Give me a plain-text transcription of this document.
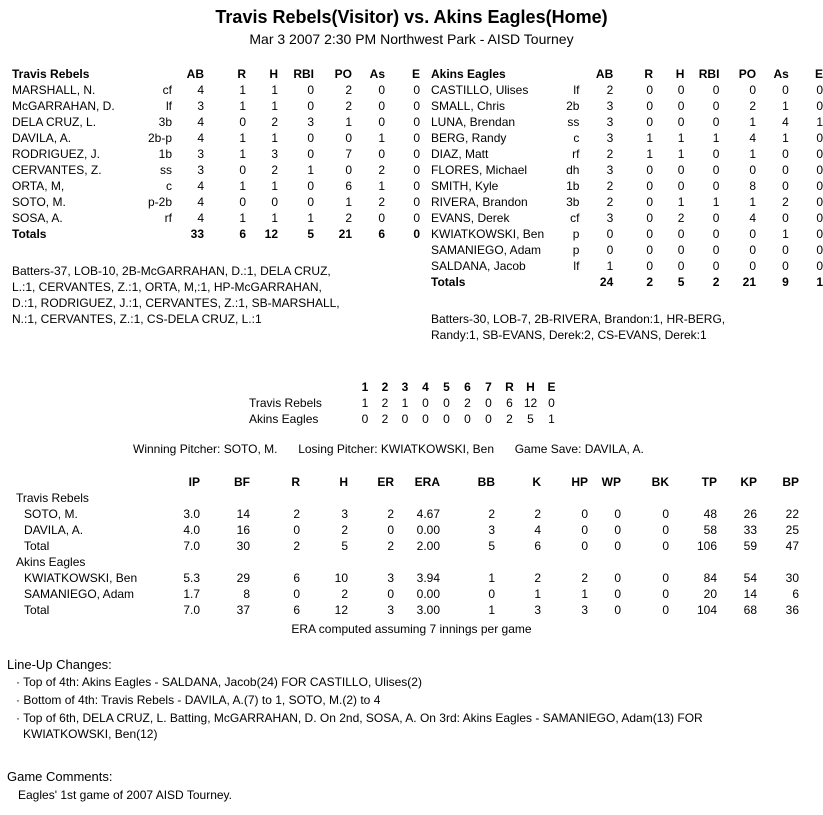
Travis Rebels(Visitor) vs. Akins Eagles(Home)
Mar 3 2007 2:30 PM Northwest Park - AISD Tourney
Travis Rebels		AB	R	H	RBI	PO	As	E
MARSHALL, N.	cf	4	1	1	0	2	0	0
McGARRAHAN, D.	lf	3	1	1	0	2	0	0
DELA CRUZ, L.	3b	4	0	2	3	1	0	0
DAVILA, A.	2b-p	4	1	1	0	0	1	0
RODRIGUEZ, J.	1b	3	1	3	0	7	0	0
CERVANTES, Z.	ss	3	0	2	1	0	2	0
ORTA, M,	c	4	1	1	0	6	1	0
SOTO, M.	p-2b	4	0	0	0	1	2	0
SOSA, A.	rf	4	1	1	1	2	0	0
Totals		33	6	12	5	21	6	0
Batters-37, LOB-10, 2B-McGARRAHAN, D.:1, DELA CRUZ,
L.:1, CERVANTES, Z.:1, ORTA, M,:1, HP-McGARRAHAN,
D.:1, RODRIGUEZ, J.:1, CERVANTES, Z.:1, SB-MARSHALL,
N.:1, CERVANTES, Z.:1, CS-DELA CRUZ, L.:1
Akins Eagles		AB	R	H	RBI	PO	As	E
CASTILLO, Ulises	lf	2	0	0	0	0	0	0
SMALL, Chris	2b	3	0	0	0	2	1	0
LUNA, Brendan	ss	3	0	0	0	1	4	1
BERG, Randy	c	3	1	1	1	4	1	0
DIAZ, Matt	rf	2	1	1	0	1	0	0
FLORES, Michael	dh	3	0	0	0	0	0	0
SMITH, Kyle	1b	2	0	0	0	8	0	0
RIVERA, Brandon	3b	2	0	1	1	1	2	0
EVANS, Derek	cf	3	0	2	0	4	0	0
KWIATKOWSKI, Ben	p	0	0	0	0	0	1	0
SAMANIEGO, Adam	p	0	0	0	0	0	0	0
SALDANA, Jacob	lf	1	0	0	0	0	0	0
Totals		24	2	5	2	21	9	1
Batters-30, LOB-7, 2B-RIVERA, Brandon:1, HR-BERG,
Randy:1, SB-EVANS, Derek:2, CS-EVANS, Derek:1
	1	2	3	4	5	6	7	R	H	E
Travis Rebels	1	2	1	0	0	2	0	6	12	0
Akins Eagles	0	2	0	0	0	0	0	2	5	1
Winning Pitcher: SOTO, M. Losing Pitcher: KWIATKOWSKI, Ben Game Save: DAVILA, A.
	IP	BF	R	H	ER	ERA	BB	K	HP	WP	BK	TP	KP	BP
Travis Rebels														
SOTO, M.	3.0	14	2	3	2	4.67	2	2	0	0	0	48	26	22
DAVILA, A.	4.0	16	0	2	0	0.00	3	4	0	0	0	58	33	25
Total	7.0	30	2	5	2	2.00	5	6	0	0	0	106	59	47
Akins Eagles														
KWIATKOWSKI, Ben	5.3	29	6	10	3	3.94	1	2	2	0	0	84	54	30
SAMANIEGO, Adam	1.7	8	0	2	0	0.00	0	1	1	0	0	20	14	6
Total	7.0	37	6	12	3	3.00	1	3	3	0	0	104	68	36
ERA computed assuming 7 innings per game
Line-Up Changes:
· Top of 4th: Akins Eagles - SALDANA, Jacob(24) FOR CASTILLO, Ulises(2)
· Bottom of 4th: Travis Rebels - DAVILA, A.(7) to 1, SOTO, M.(2) to 4
· Top of 6th, DELA CRUZ, L. Batting, McGARRAHAN, D. On 2nd, SOSA, A. On 3rd: Akins Eagles - SAMANIEGO, Adam(13) FOR
KWIATKOWSKI, Ben(12)
Game Comments:
Eagles' 1st game of 2007 AISD Tourney.
